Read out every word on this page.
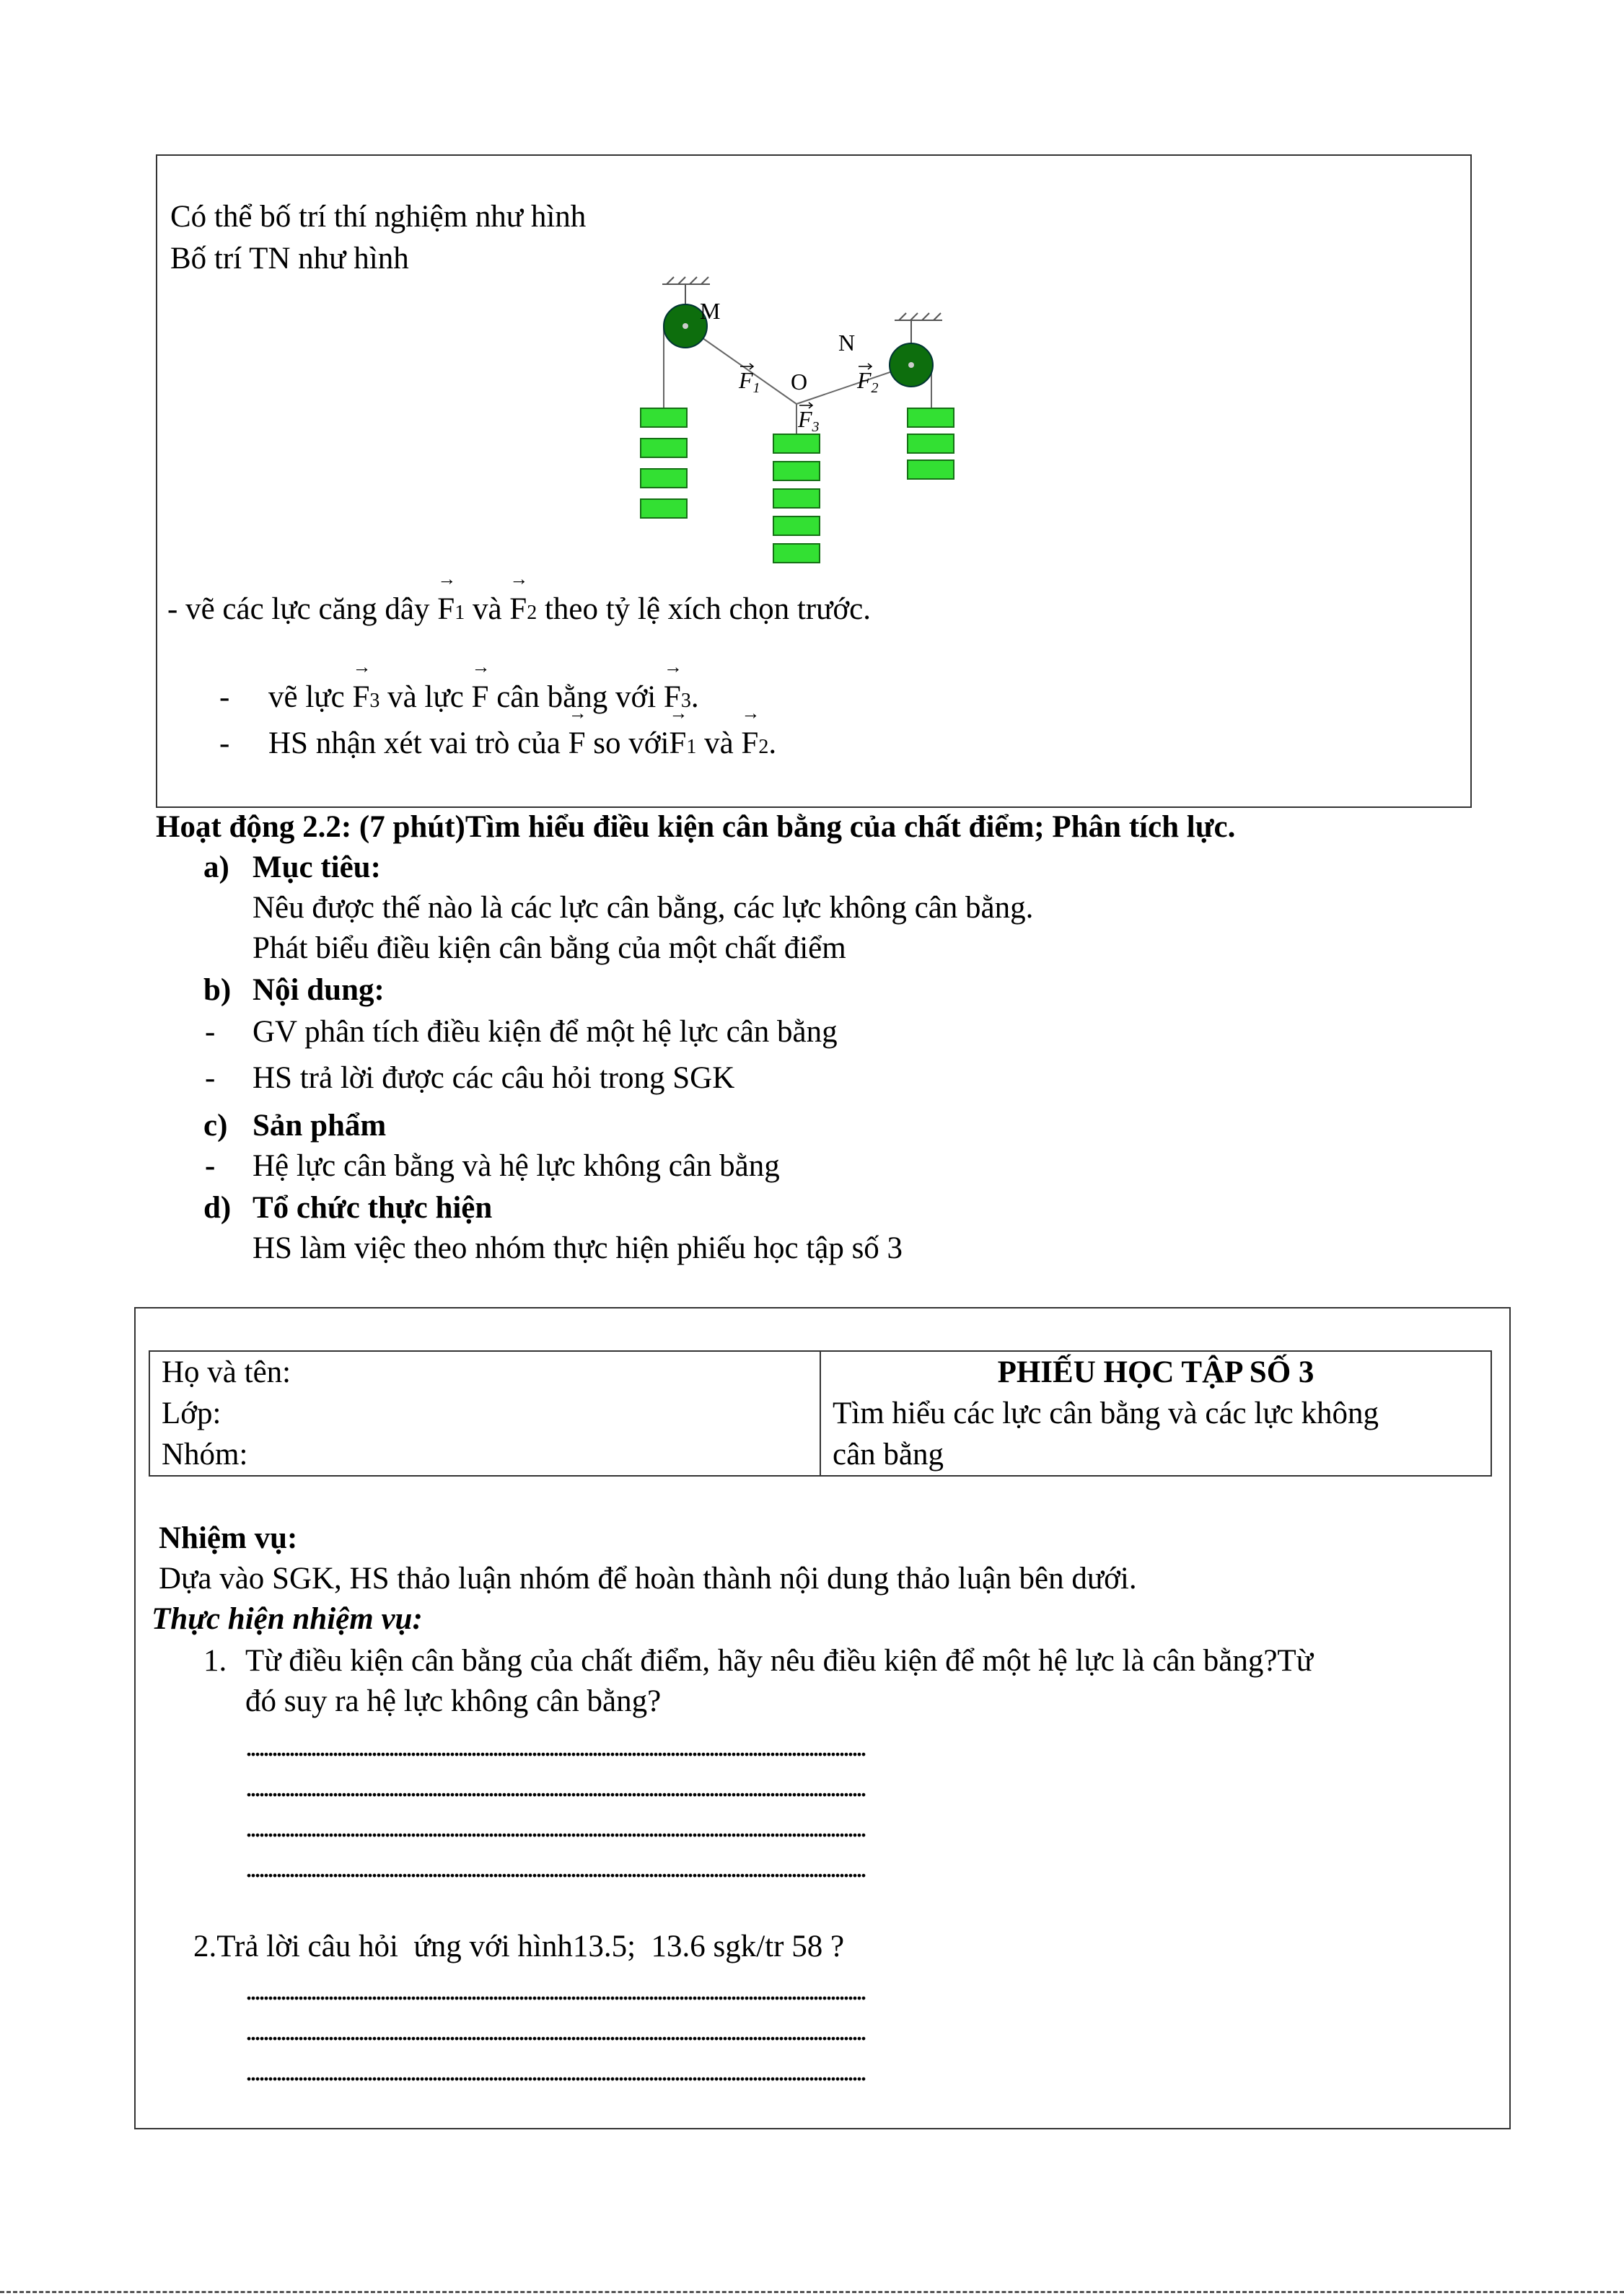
Có thể bố trí thí nghiệm như hình
Bố trí TN như hình
M
N
O
F1	F2
F3
- vẽ các lực căng dây → F1 và → F2 theo tỷ lệ xích chọn trước.
- vẽ lực → F3 và lực → F cân bằng với → F3.
- HS nhận xét vai trò của → F so với→ F1 và → F2.
Hoạt động 2.2: (7 phút)Tìm hiểu điều kiện cân bằng của chất điểm; Phân tích lực.
a) Mục tiêu:
Nêu được thế nào là các lực cân bằng, các lực không cân bằng.
Phát biểu điều kiện cân bằng của một chất điểm
b) Nội dung:
- GV phân tích điều kiện để một hệ lực cân bằng
- HS trả lời được các câu hỏi trong SGK
c) Sản phẩm
- Hệ lực cân bằng và hệ lực không cân bằng
d) Tổ chức thực hiện
HS làm việc theo nhóm thực hiện phiếu học tập số 3
Họ và tên:
Lớp:
Nhóm:

PHIẾU HỌC TẬP SỐ 3
Tìm hiểu các lực cân bằng và các lực không
cân bằng
Nhiệm vụ:
Dựa vào SGK, HS thảo luận nhóm để hoàn thành nội dung thảo luận bên dưới.
Thực hiện nhiệm vụ:
1. Từ điều kiện cân bằng của chất điểm, hãy nêu điều kiện để một hệ lực là cân bằng?Từ
đó suy ra hệ lực không cân bằng?
. . .
. . .
. . .
. . .
2.Trả lời câu hỏi  ứng với hình13.5;  13.6 sgk/tr 58 ?
. . .
. . .
. . .
